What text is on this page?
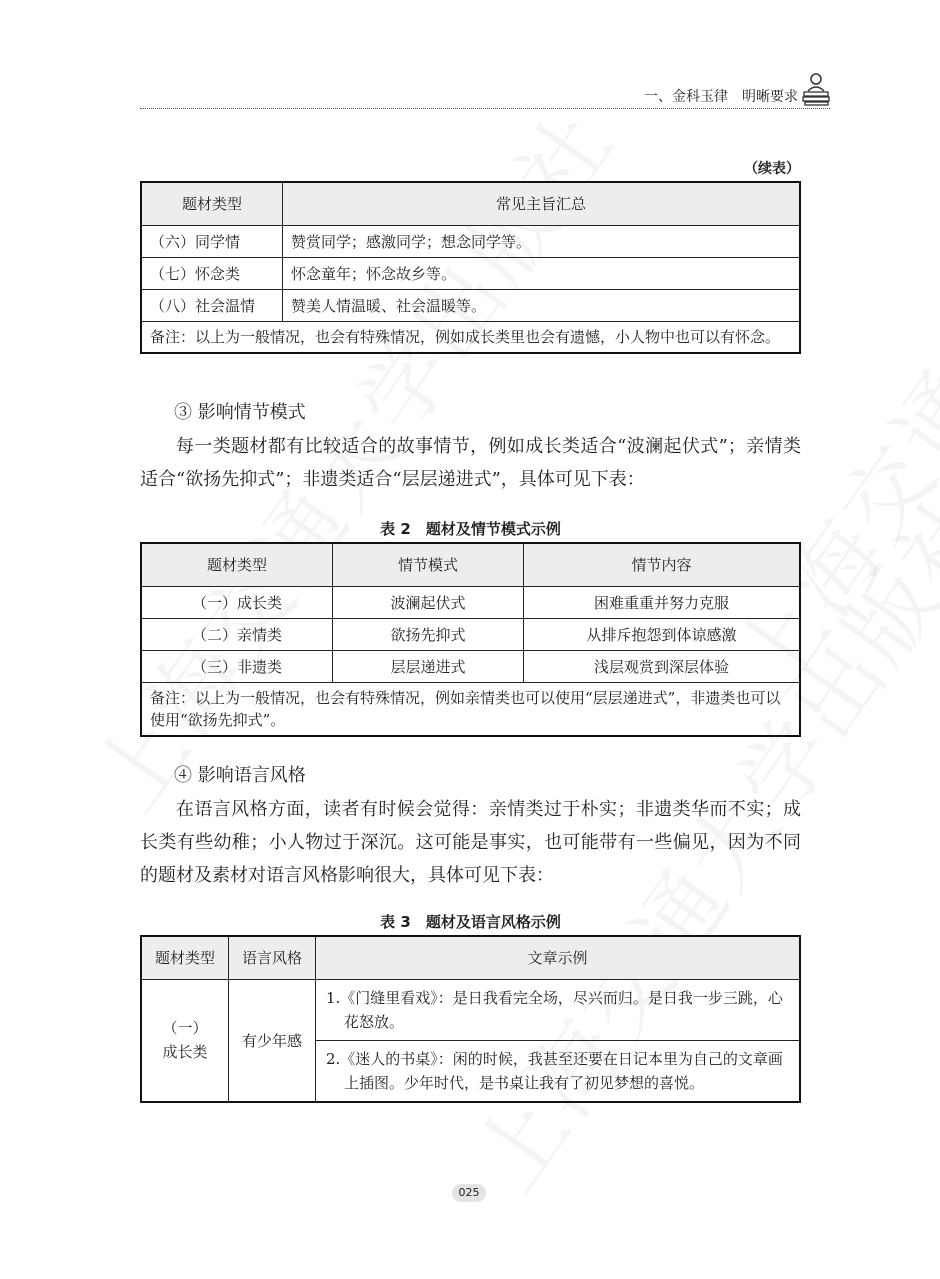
一、金科玉律　明晰要求
（续表）
题材类型	常见主旨汇总
（六）同学情	赞赏同学；感激同学；想念同学等。
（七）怀念类	怀念童年；怀念故乡等。
（八）社会温情	赞美人情温暖、社会温暖等。
备注：以上为一般情况，也会有特殊情况，例如成长类里也会有遗憾，小人物中也可以有怀念。	
③ 影响情节模式
每一类题材都有比较适合的故事情节，例如成长类适合“波澜起伏式”；亲情类适合“欲扬先抑式”；非遗类适合“层层递进式”，具体可见下表：
表 2　题材及情节模式示例
题材类型	情节模式	情节内容
（一）成长类	波澜起伏式	困难重重并努力克服
（二）亲情类	欲扬先抑式	从排斥抱怨到体谅感激
（三）非遗类	层层递进式	浅层观赏到深层体验
备注：以上为一般情况，也会有特殊情况，例如亲情类也可以使用“层层递进式”，非遗类也可以使用“欲扬先抑式”。		
④ 影响语言风格
在语言风格方面，读者有时候会觉得：亲情类过于朴实；非遗类华而不实；成长类有些幼稚；小人物过于深沉。这可能是事实，也可能带有一些偏见，因为不同的题材及素材对语言风格影响很大，具体可见下表：
表 3　题材及语言风格示例
题材类型	语言风格	文章示例

（一）
成长类	有少年感	1.《门缝里看戏》：是日我看完全场，尽兴而归。是日我一步三跳，心花怒放。
		2.《迷人的书桌》：闲的时候，我甚至还要在日记本里为自己的文章画上插图。少年时代，是书桌让我有了初见梦想的喜悦。
025
